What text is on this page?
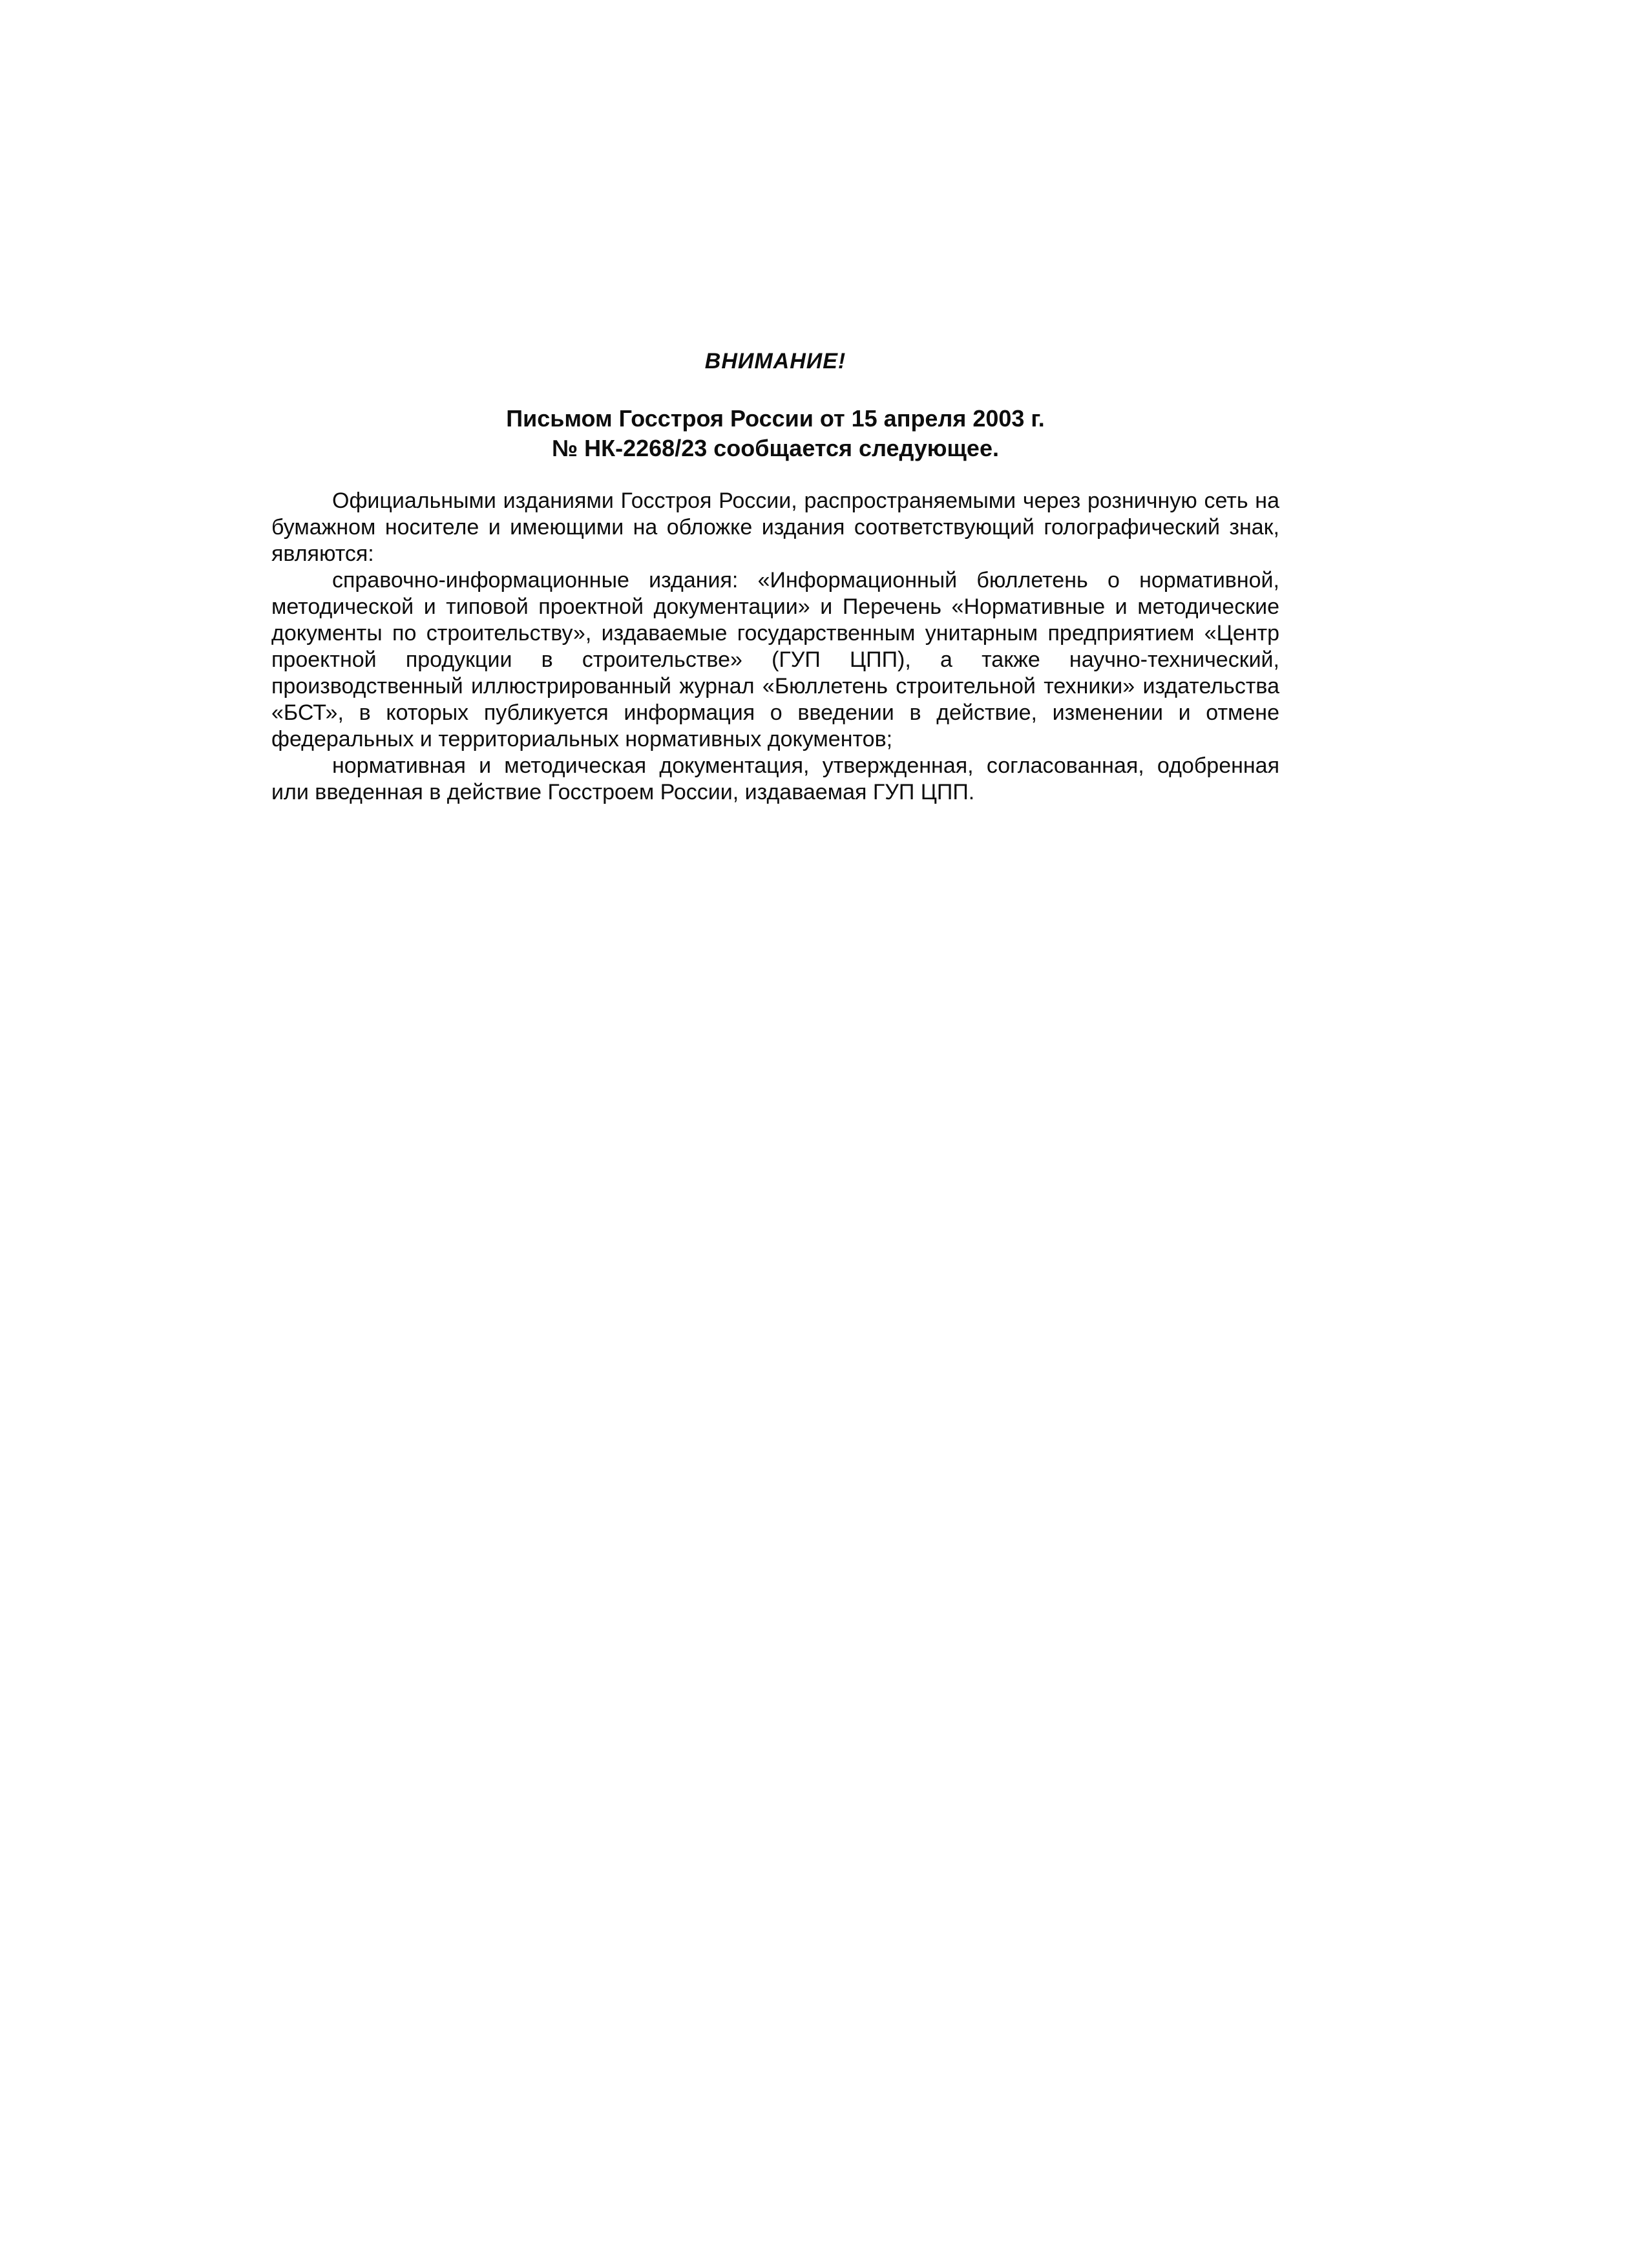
ВНИМАНИЕ!
Письмом Госстроя России от 15 апреля 2003 г.
№ НК-2268/23 сообщается следующее.

Официальными изданиями Госстроя России, распространяемыми через розничную сеть на бумажном носителе и имеющими на обложке издания соответствующий голографический знак, являются:

справочно-информационные издания: «Информационный бюллетень о нормативной, методической и типовой проектной документации» и Перечень «Нормативные и методические документы по строительству», издаваемые государственным унитарным предприятием «Центр проектной продукции в строительстве» (ГУП ЦПП), а также научно-технический, производственный иллюстрированный журнал «Бюллетень строительной техники» издательства «БСТ», в которых публикуется информация о введении в действие, изменении и отмене федеральных и территориальных нормативных документов;

нормативная и методическая документация, утвержденная, согласованная, одобренная или введенная в действие Госстроем России, издаваемая ГУП ЦПП.
